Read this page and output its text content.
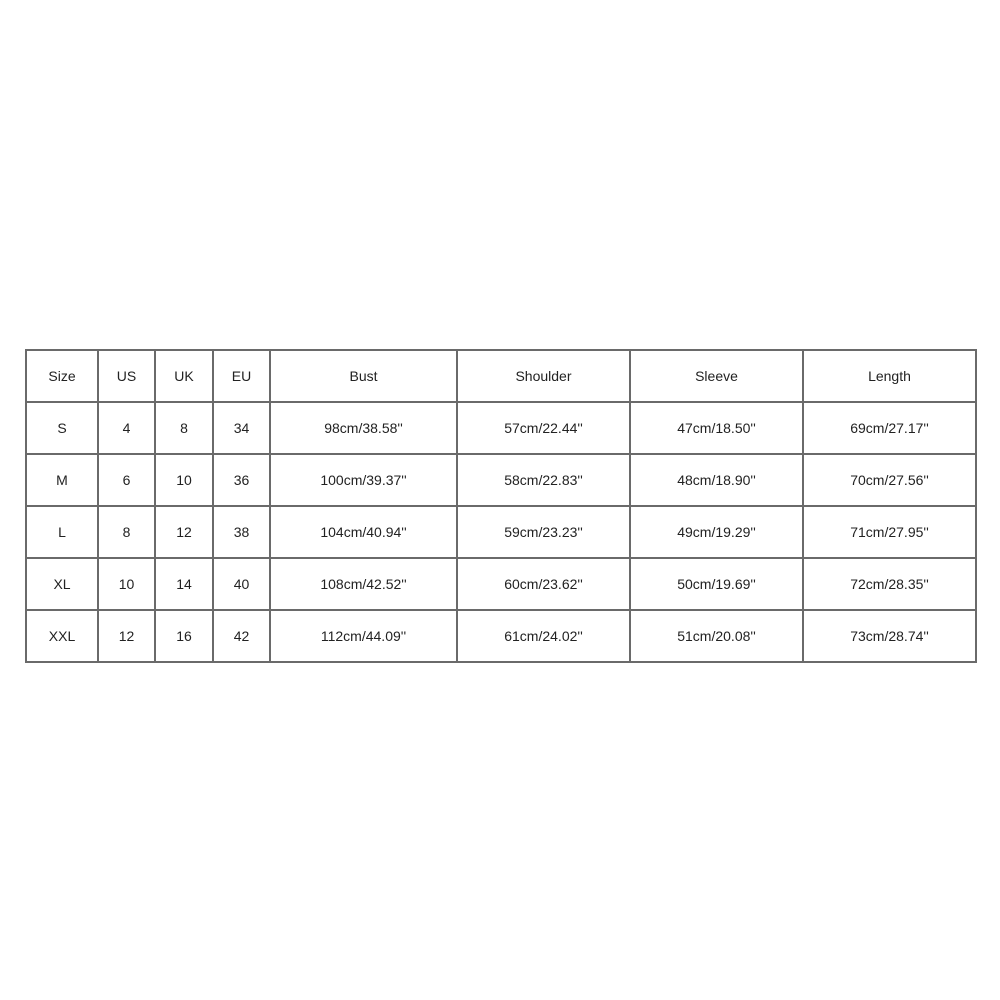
Size	US	UK	EU	Bust	Shoulder	Sleeve	Length
S	4	8	34	98cm/38.58''	57cm/22.44''	47cm/18.50''	69cm/27.17''
M	6	10	36	100cm/39.37''	58cm/22.83''	48cm/18.90''	70cm/27.56''
L	8	12	38	104cm/40.94''	59cm/23.23''	49cm/19.29''	71cm/27.95''
XL	10	14	40	108cm/42.52''	60cm/23.62''	50cm/19.69''	72cm/28.35''
XXL	12	16	42	112cm/44.09''	61cm/24.02''	51cm/20.08''	73cm/28.74''
